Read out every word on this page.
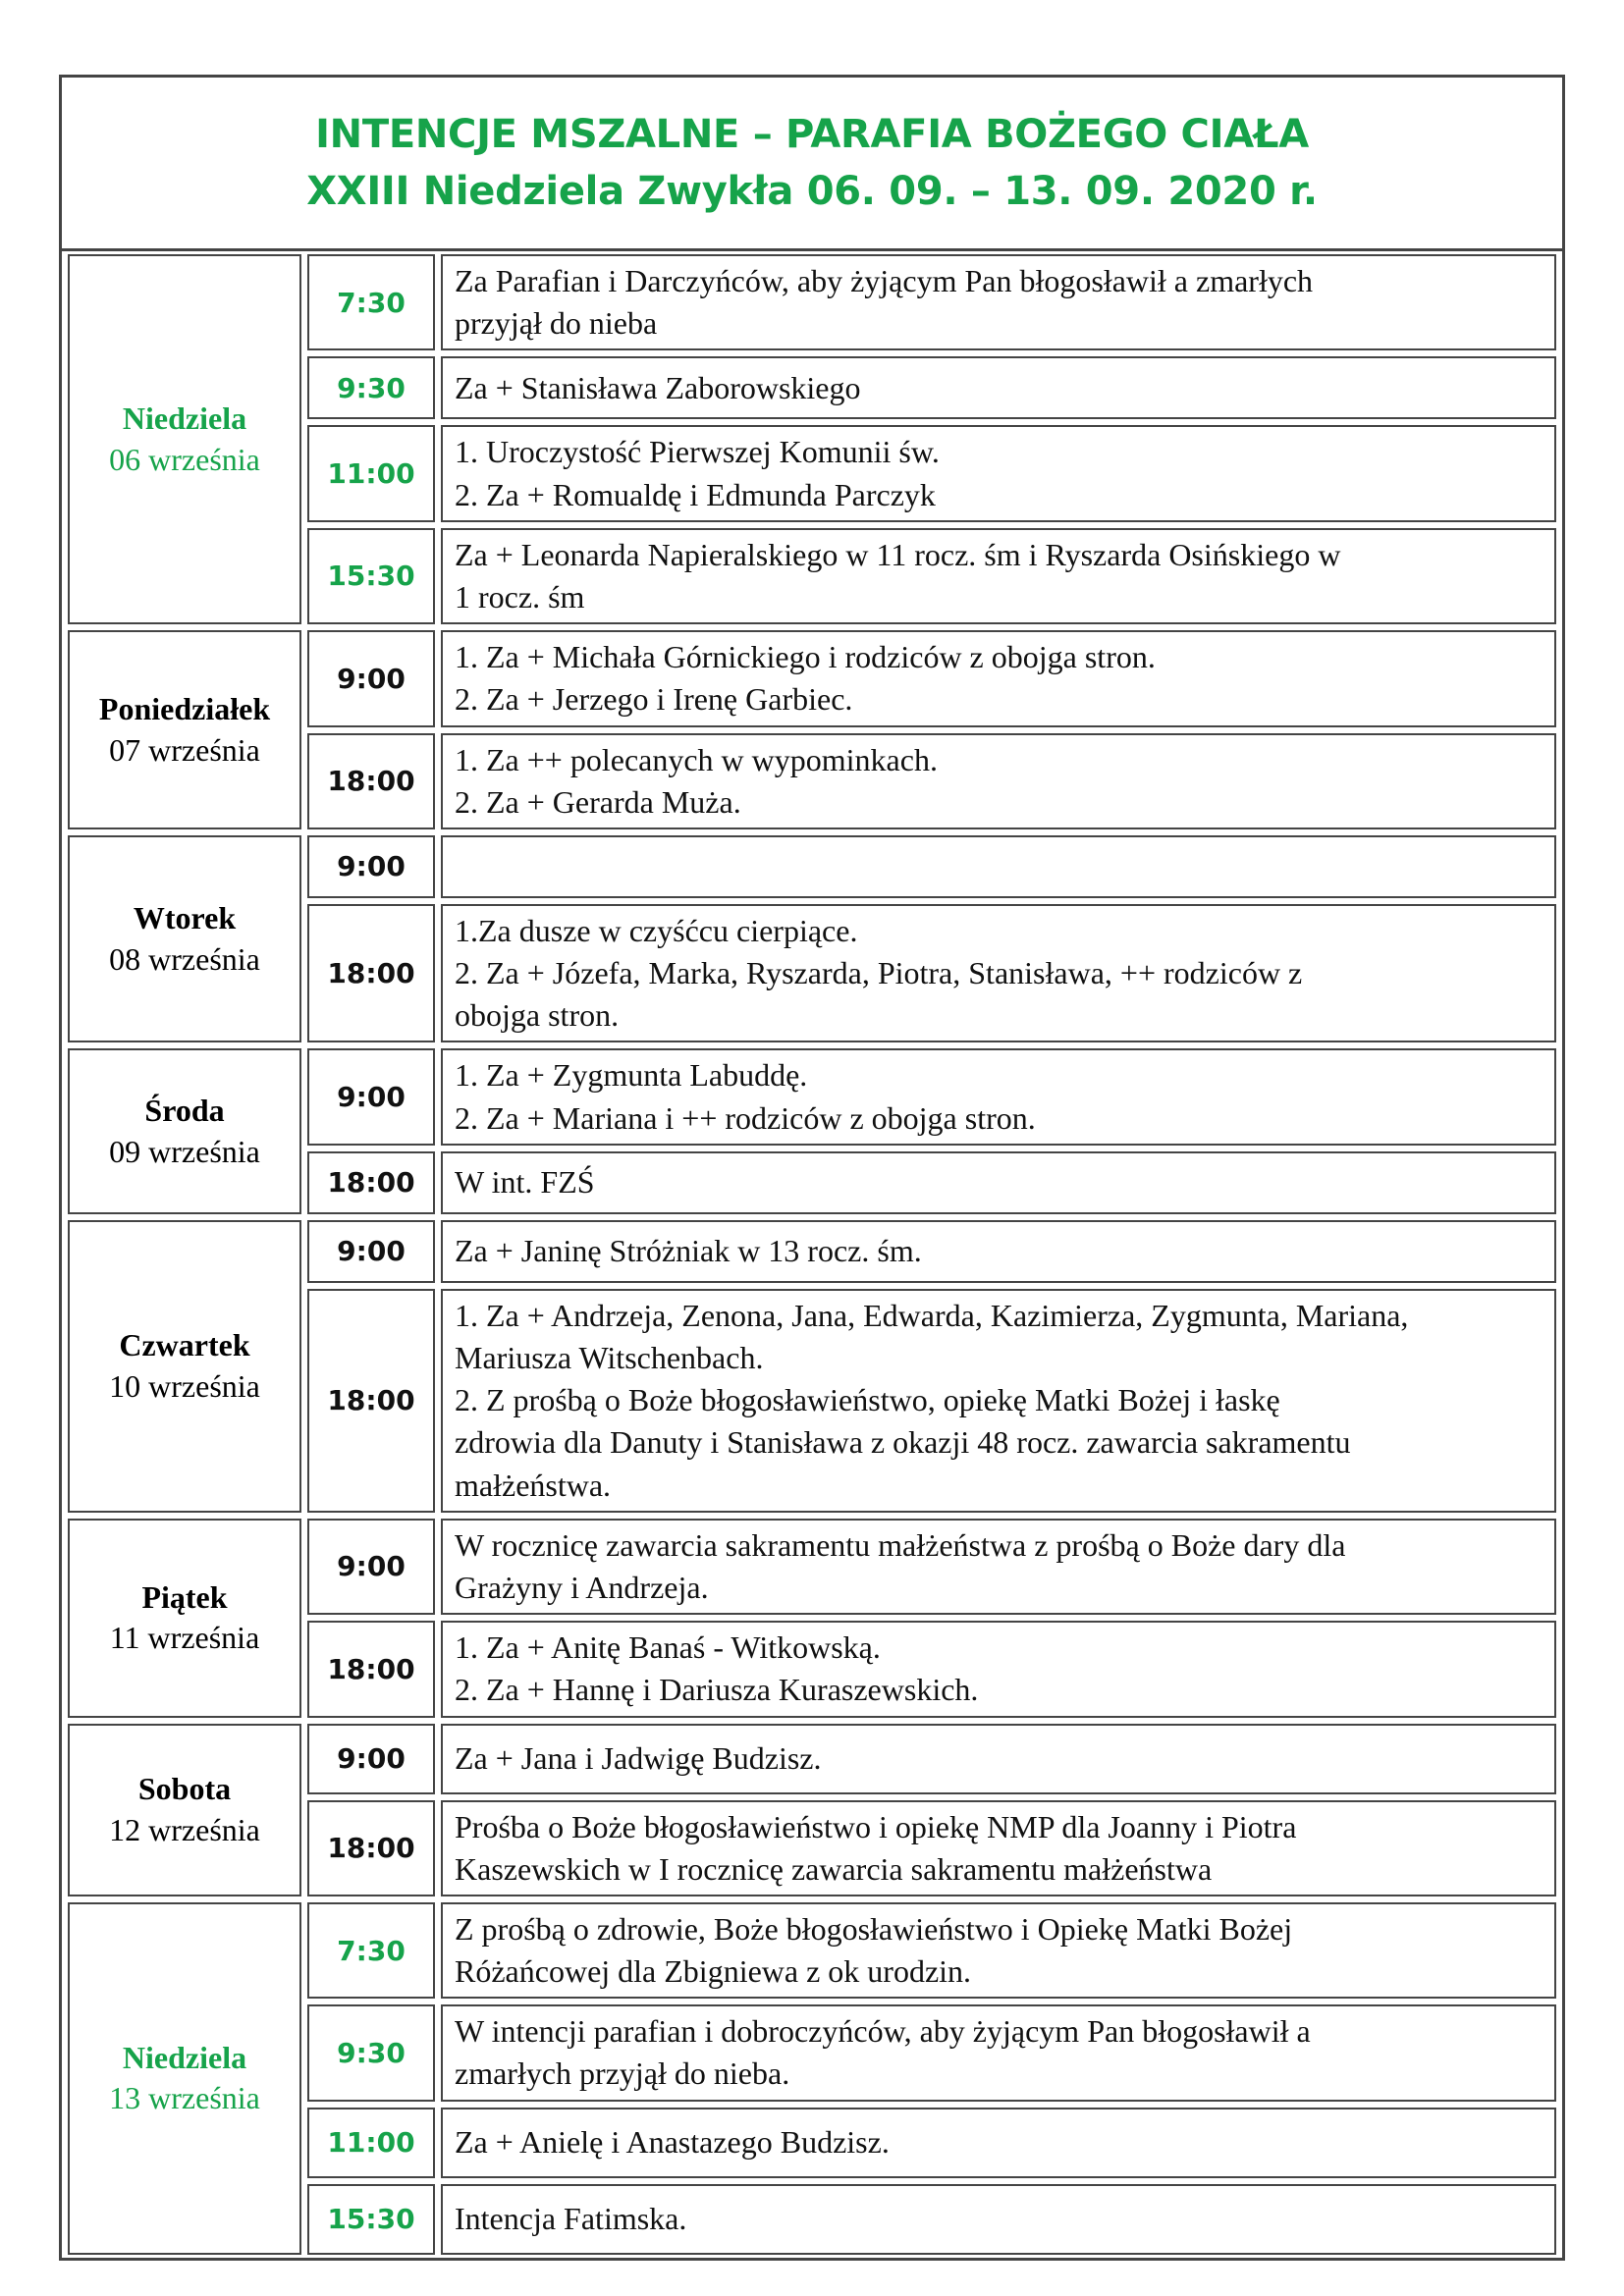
INTENCJE MSZALNE – PARAFIA BOŻEGO CIAŁA
XXIII Niedziela Zwykła 06. 09. – 13. 09. 2020 r.
Niedziela
06 września	7:30	Za Parafian i Darczyńców, aby żyjącym Pan błogosławił a zmarłych
przyjął do nieba

	9:30	Za + Stanisława Zaborowskiego

	11:00	1. Uroczystość Pierwszej Komunii św.
2. Za + Romualdę i Edmunda Parczyk

	15:30	Za + Leonarda Napieralskiego w 11 rocz. śm i Ryszarda Osińskiego w
1 rocz. śm

Poniedziałek
07 września	9:00	1. Za + Michała Górnickiego i rodziców z obojga stron.
2. Za + Jerzego i Irenę Garbiec.

	18:00	1. Za ++ polecanych w wypominkach.
2. Za + Gerarda Muża.

Wtorek
08 września	9:00	
	18:00	1.Za dusze w czyśćcu cierpiące.
2. Za + Józefa, Marka, Ryszarda, Piotra, Stanisława, ++ rodziców z
obojga stron.

Środa
09 września	9:00	1. Za + Zygmunta Labuddę.
2. Za + Mariana i ++ rodziców z obojga stron.

	18:00	W int. FZŚ

Czwartek
10 września	9:00	Za + Janinę Stróżniak w 13 rocz. śm.

	18:00	1. Za + Andrzeja, Zenona, Jana, Edwarda, Kazimierza, Zygmunta, Mariana,
Mariusza Witschenbach.
2. Z prośbą o Boże błogosławieństwo, opiekę Matki Bożej i łaskę
zdrowia dla Danuty i Stanisława z okazji 48 rocz. zawarcia sakramentu
małżeństwa.

Piątek
11 września	9:00	W rocznicę zawarcia sakramentu małżeństwa z prośbą o Boże dary dla
Grażyny i Andrzeja.

	18:00	1. Za + Anitę Banaś - Witkowską.
2. Za + Hannę i Dariusza Kuraszewskich.

Sobota
12 września	9:00	Za + Jana i Jadwigę Budzisz.

	18:00	Prośba o Boże błogosławieństwo i opiekę NMP dla Joanny i Piotra
Kaszewskich w I rocznicę zawarcia sakramentu małżeństwa

Niedziela
13 września	7:30	Z prośbą o zdrowie, Boże błogosławieństwo i Opiekę Matki Bożej
Różańcowej dla Zbigniewa z ok urodzin.

	9:30	W intencji parafian i dobroczyńców, aby żyjącym Pan błogosławił a
zmarłych przyjął do nieba.

	11:00	Za + Anielę i Anastazego Budzisz.

	15:30	Intencja Fatimska.
